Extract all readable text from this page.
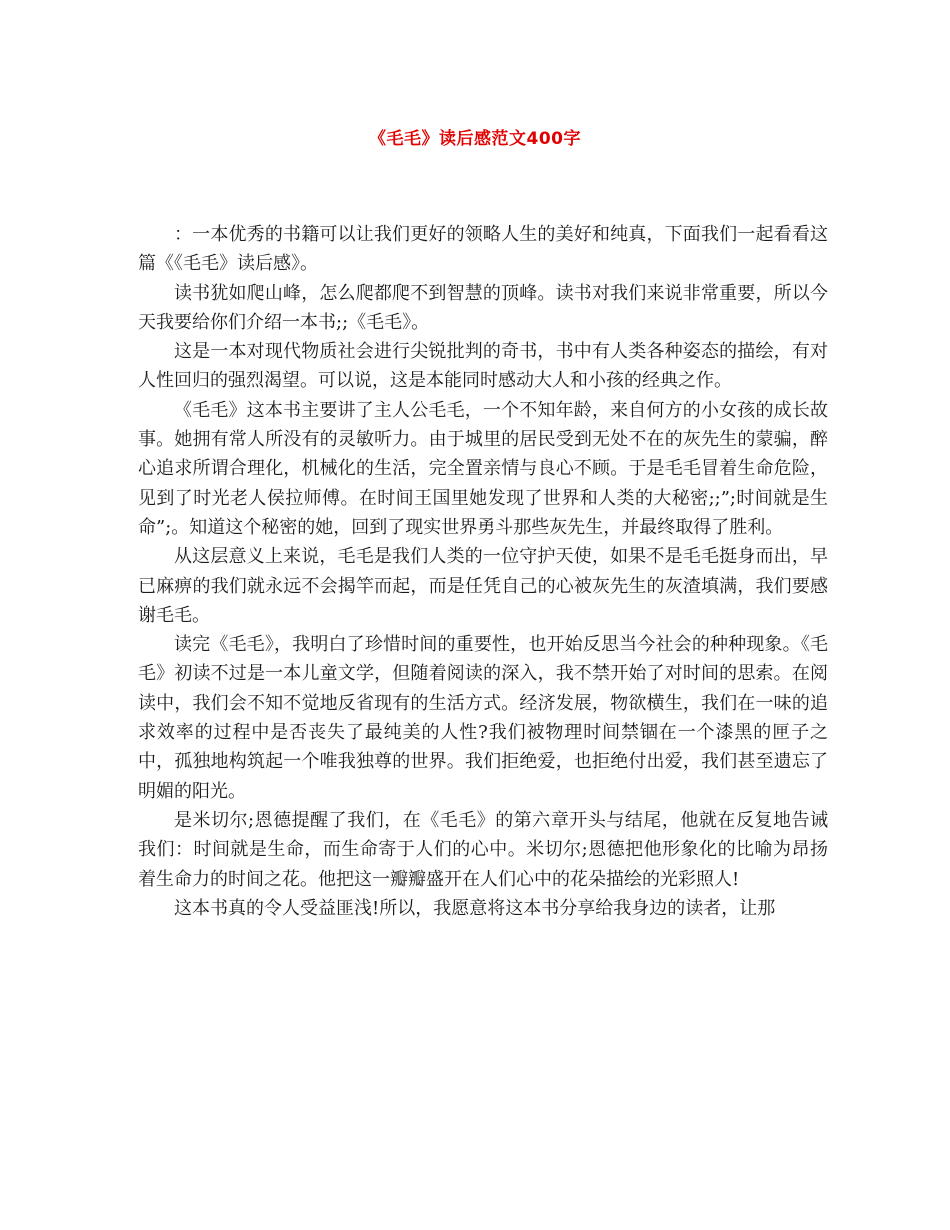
《毛毛》读后感范文400字

：一本优秀的书籍可以让我们更好的领略人生的美好和纯真，下面我们一起看看这篇《《毛毛》读后感》。

读书犹如爬山峰，怎么爬都爬不到智慧的顶峰。读书对我们来说非常重要，所以今天我要给你们介绍一本书;;《毛毛》。

这是一本对现代物质社会进行尖锐批判的奇书，书中有人类各种姿态的描绘，有对人性回归的强烈渴望。可以说，这是本能同时感动大人和小孩的经典之作。

《毛毛》这本书主要讲了主人公毛毛，一个不知年龄，来自何方的小女孩的成长故事。她拥有常人所没有的灵敏听力。由于城里的居民受到无处不在的灰先生的蒙骗，醉心追求所谓合理化，机械化的生活，完全置亲情与良心不顾。于是毛毛冒着生命危险，见到了时光老人侯拉师傅。在时间王国里她发现了世界和人类的大秘密;;”;时间就是生命”;。知道这个秘密的她，回到了现实世界勇斗那些灰先生，并最终取得了胜利。

从这层意义上来说，毛毛是我们人类的一位守护天使，如果不是毛毛挺身而出，早已麻痹的我们就永远不会揭竿而起，而是任凭自己的心被灰先生的灰渣填满，我们要感谢毛毛。

读完《毛毛》，我明白了珍惜时间的重要性，也开始反思当今社会的种种现象。《毛毛》初读不过是一本儿童文学，但随着阅读的深入，我不禁开始了对时间的思索。在阅读中，我们会不知不觉地反省现有的生活方式。经济发展，物欲横生，我们在一味的追求效率的过程中是否丧失了最纯美的人性?我们被物理时间禁锢在一个漆黑的匣子之中，孤独地构筑起一个唯我独尊的世界。我们拒绝爱，也拒绝付出爱，我们甚至遗忘了明媚的阳光。

是米切尔;恩德提醒了我们，在《毛毛》的第六章开头与结尾，他就在反复地告诫我们：时间就是生命，而生命寄于人们的心中。米切尔;恩德把他形象化的比喻为昂扬着生命力的时间之花。他把这一瓣瓣盛开在人们心中的花朵描绘的光彩照人!

这本书真的令人受益匪浅!所以，我愿意将这本书分享给我身边的读者，让那
